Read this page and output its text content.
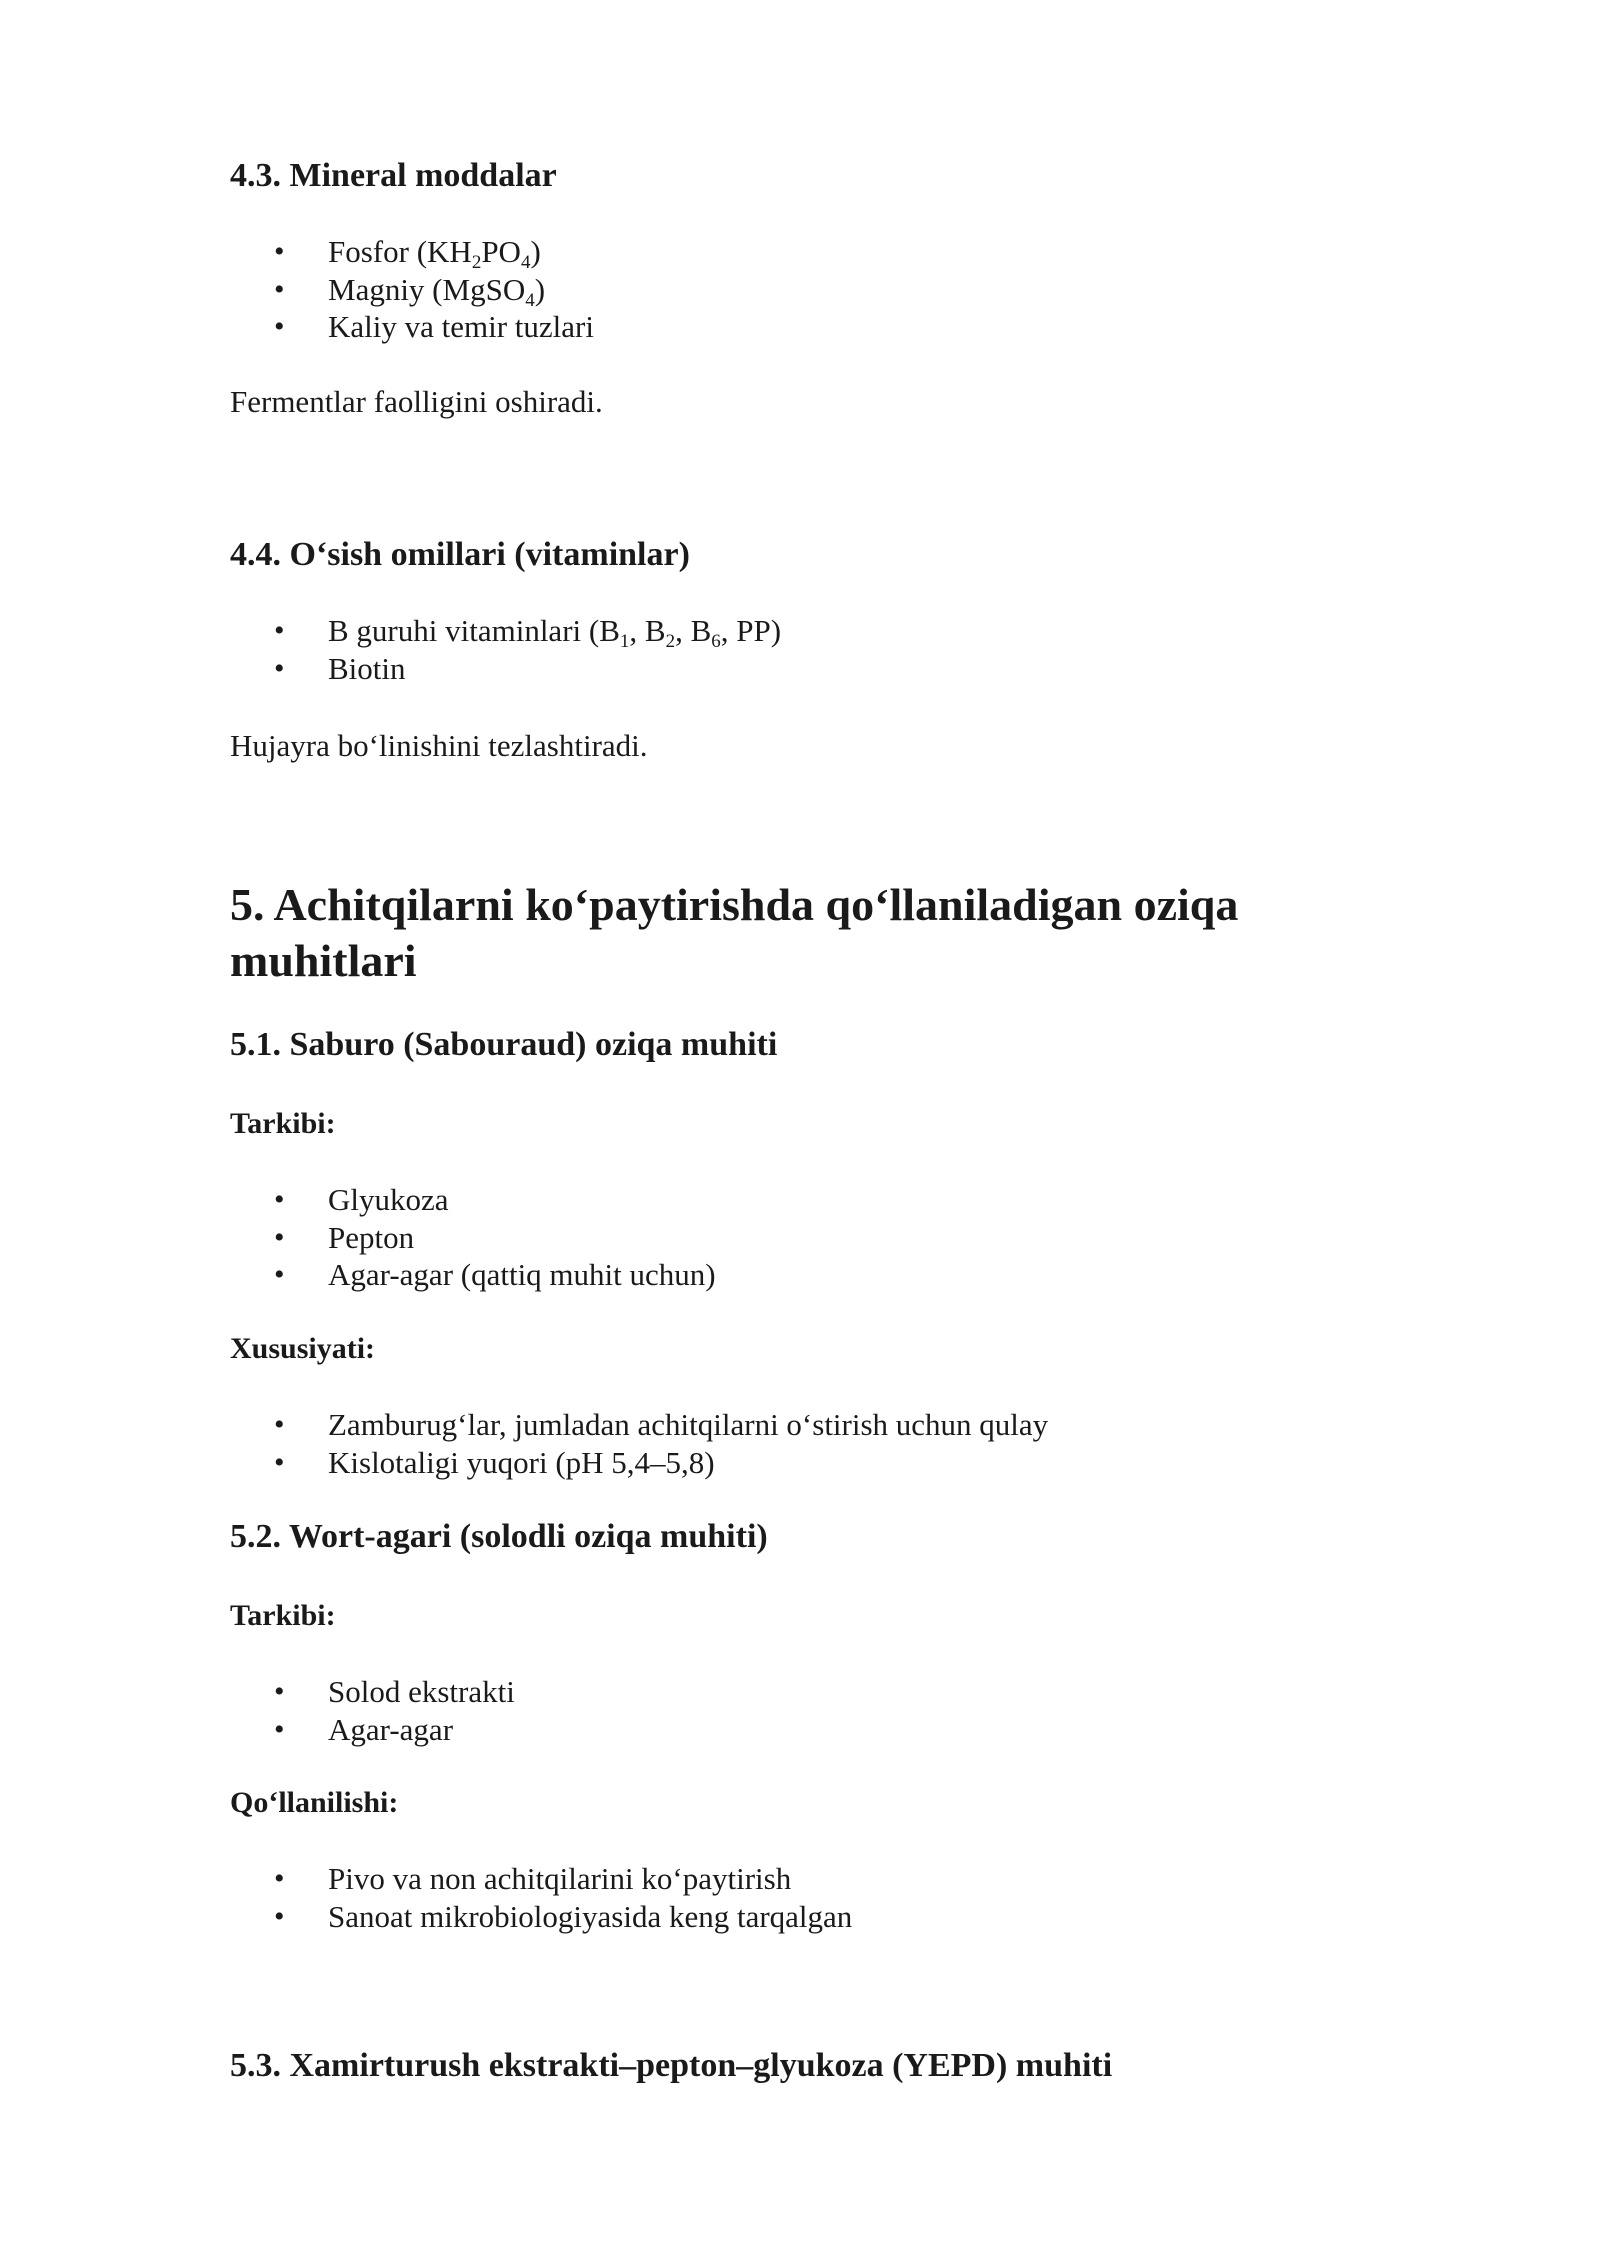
4.3. Mineral moddalar
• Fosfor $(KH_2PO_4)$
• Magniy (MgSO$_4$)
• Kaliy va temir tuzlari

Fermentlar faolligini oshiradi.

4.4. O‘sish omillari (vitaminlar)
• B guruhi vitaminlari ($B_1$, $B_2$, $B_6$, PP)
• Biotin

Hujayra bo‘linishini tezlashtiradi.

5. Achitqilarni ko‘paytirishda qo‘llaniladigan oziqa muhitlari
5.1. Saburo (Sabouraud) oziqa muhiti

Tarkibi:

• Glyukoza
• Pepton
• Agar-agar (qattiq muhit uchun)

Xususiyati:

• Zamburug‘lar, jumladan achitqilarni o‘stirish uchun qulay
• Kislotaligi yuqori (pH 5,4–5,8)
5.2. Wort-agari (solodli oziqa muhiti)

Tarkibi:

• Solod ekstrakti
• Agar-agar

Qo‘llanilishi:

• Pivo va non achitqilarini ko‘paytirish
• Sanoat mikrobiologiyasida keng tarqalgan
5.3. Xamirturush ekstrakti–pepton–glyukoza (YEPD) muhiti
